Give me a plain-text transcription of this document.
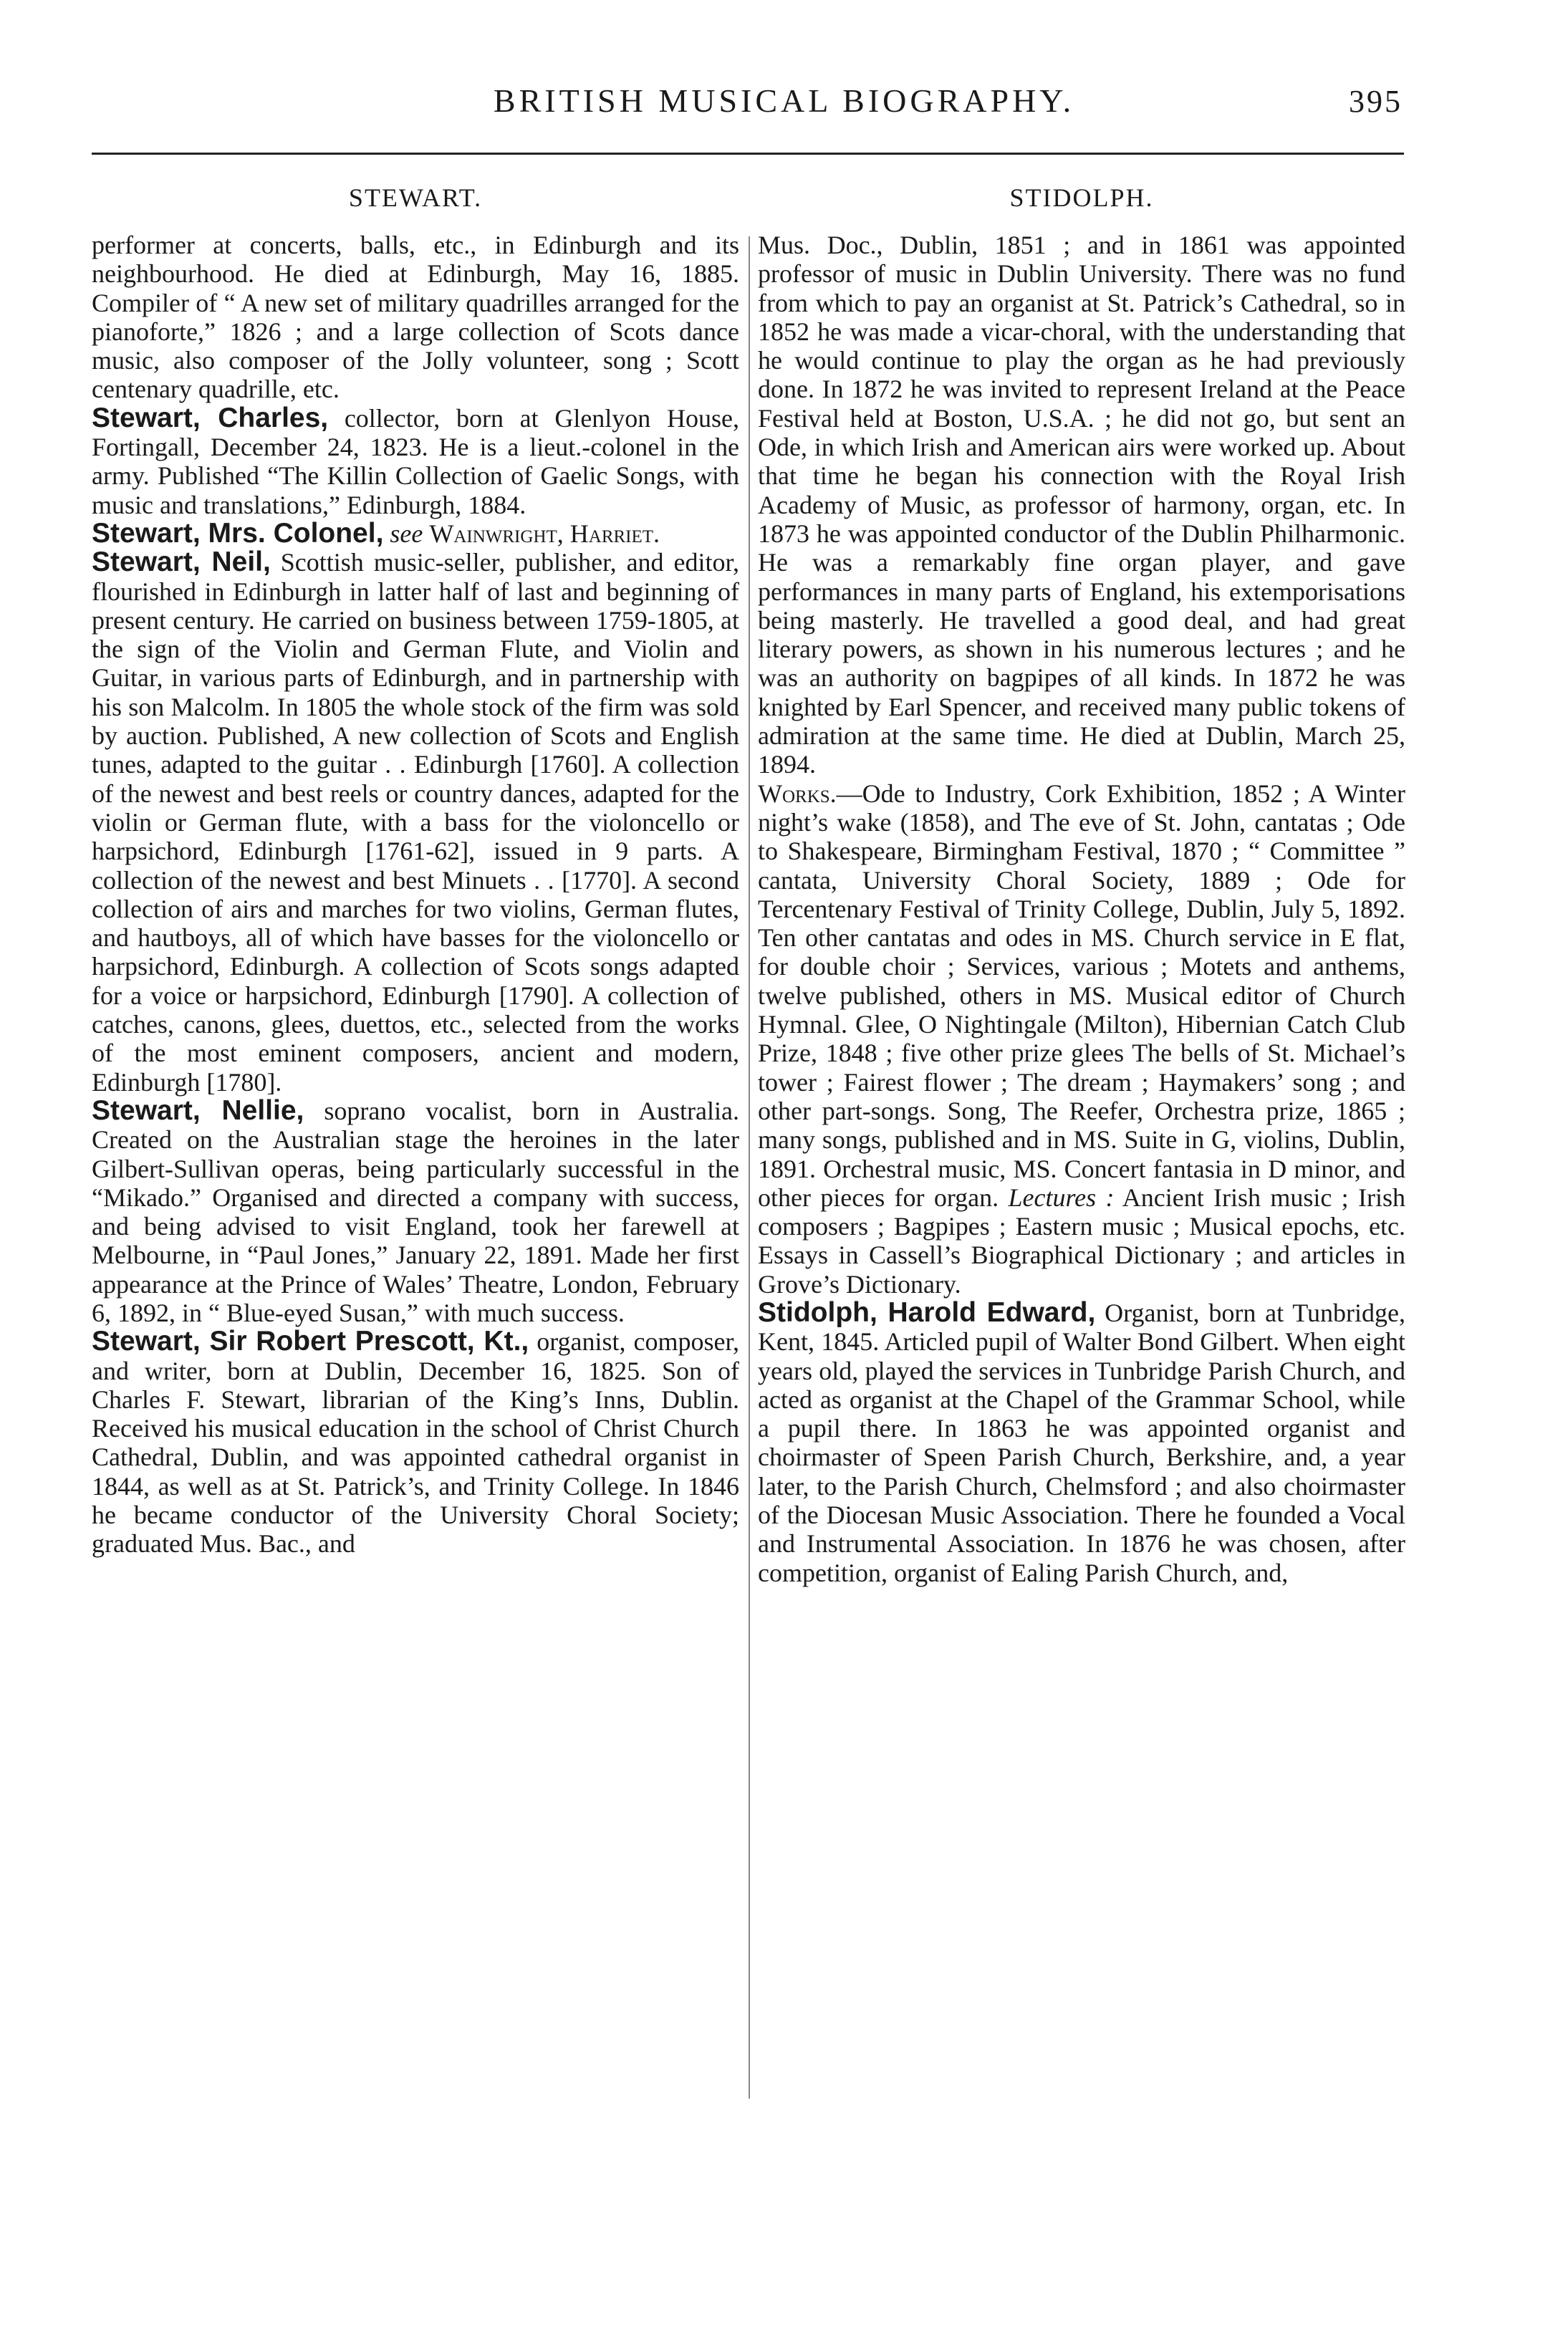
BRITISH MUSICAL BIOGRAPHY.	395
STEWART.	STIDOLPH.

performer at concerts, balls, etc., in Edinburgh and its neighbourhood. He died at Edinburgh, May 16, 1885. Compiler of “ A new set of military quadrilles arranged for the pianoforte,” 1826 ; and a large collection of Scots dance music, also composer of the Jolly volunteer, song ; Scott centenary quadrille, etc.

Stewart, Charles, collector, born at Glenlyon House, Fortingall, December 24, 1823. He is a lieut.-colonel in the army. Published “The Killin Collection of Gaelic Songs, with music and translations,” Edinburgh, 1884.

Stewart, Mrs. Colonel, see Wainwright, Harriet.

Stewart, Neil, Scottish music-seller, publisher, and editor, flourished in Edinburgh in latter half of last and beginning of present century. He carried on business between 1759-1805, at the sign of the Violin and German Flute, and Violin and Guitar, in various parts of Edinburgh, and in partnership with his son Malcolm. In 1805 the whole stock of the firm was sold by auction. Published, A new collection of Scots and English tunes, adapted to the guitar . . Edinburgh [1760]. A collection of the newest and best reels or country dances, adapted for the violin or German flute, with a bass for the violoncello or harpsichord, Edinburgh [1761-62], issued in 9 parts. A collection of the newest and best Minuets . . [1770]. A second collection of airs and marches for two violins, German flutes, and hautboys, all of which have basses for the violoncello or harpsichord, Edinburgh. A collection of Scots songs adapted for a voice or harpsichord, Edinburgh [1790]. A collection of catches, canons, glees, duettos, etc., selected from the works of the most eminent composers, ancient and modern, Edinburgh [1780].

Stewart, Nellie, soprano vocalist, born in Australia. Created on the Australian stage the heroines in the later Gilbert-Sullivan operas, being particularly successful in the “Mikado.” Organised and directed a company with success, and being advised to visit England, took her farewell at Melbourne, in “Paul Jones,” January 22, 1891. Made her first appearance at the Prince of Wales’ Theatre, London, February 6, 1892, in “ Blue-eyed Susan,” with much success.

Stewart, Sir Robert Prescott, Kt., organist, composer, and writer, born at Dublin, December 16, 1825. Son of Charles F. Stewart, librarian of the King’s Inns, Dublin. Received his musical education in the school of Christ Church Cathedral, Dublin, and was appointed cathedral organist in 1844, as well as at St. Patrick’s, and Trinity College. In 1846 he became conductor of the University Choral Society; graduated Mus. Bac., and

Mus. Doc., Dublin, 1851 ; and in 1861 was appointed professor of music in Dublin University. There was no fund from which to pay an organist at St. Patrick’s Cathedral, so in 1852 he was made a vicar-choral, with the understanding that he would continue to play the organ as he had previously done. In 1872 he was invited to represent Ireland at the Peace Festival held at Boston, U.S.A. ; he did not go, but sent an Ode, in which Irish and American airs were worked up. About that time he began his connection with the Royal Irish Academy of Music, as professor of harmony, organ, etc. In 1873 he was appointed conductor of the Dublin Philharmonic. He was a remarkably fine organ player, and gave performances in many parts of England, his extemporisations being masterly. He travelled a good deal, and had great literary powers, as shown in his numerous lectures ; and he was an authority on bagpipes of all kinds. In 1872 he was knighted by Earl Spencer, and received many public tokens of admiration at the same time. He died at Dublin, March 25, 1894.

Works.—Ode to Industry, Cork Exhibition, 1852 ; A Winter night’s wake (1858), and The eve of St. John, cantatas ; Ode to Shakespeare, Birmingham Festival, 1870 ; “ Committee ” cantata, University Choral Society, 1889 ; Ode for Tercentenary Festival of Trinity College, Dublin, July 5, 1892. Ten other cantatas and odes in MS. Church service in E flat, for double choir ; Services, various ; Motets and anthems, twelve published, others in MS. Musical editor of Church Hymnal. Glee, O Nightingale (Milton), Hibernian Catch Club Prize, 1848 ; five other prize glees The bells of St. Michael’s tower ; Fairest flower ; The dream ; Haymakers’ song ; and other part-songs. Song, The Reefer, Orchestra prize, 1865 ; many songs, published and in MS. Suite in G, violins, Dublin, 1891. Orchestral music, MS. Concert fantasia in D minor, and other pieces for organ. Lectures : Ancient Irish music ; Irish composers ; Bagpipes ; Eastern music ; Musical epochs, etc. Essays in Cassell’s Biographical Dictionary ; and articles in Grove’s Dictionary.

Stidolph, Harold Edward, Organist, born at Tunbridge, Kent, 1845. Articled pupil of Walter Bond Gilbert. When eight years old, played the services in Tunbridge Parish Church, and acted as organist at the Chapel of the Grammar School, while a pupil there. In 1863 he was appointed organist and choirmaster of Speen Parish Church, Berkshire, and, a year later, to the Parish Church, Chelmsford ; and also choirmaster of the Diocesan Music Association. There he founded a Vocal and Instrumental Association. In 1876 he was chosen, after competition, organist of Ealing Parish Church, and,
